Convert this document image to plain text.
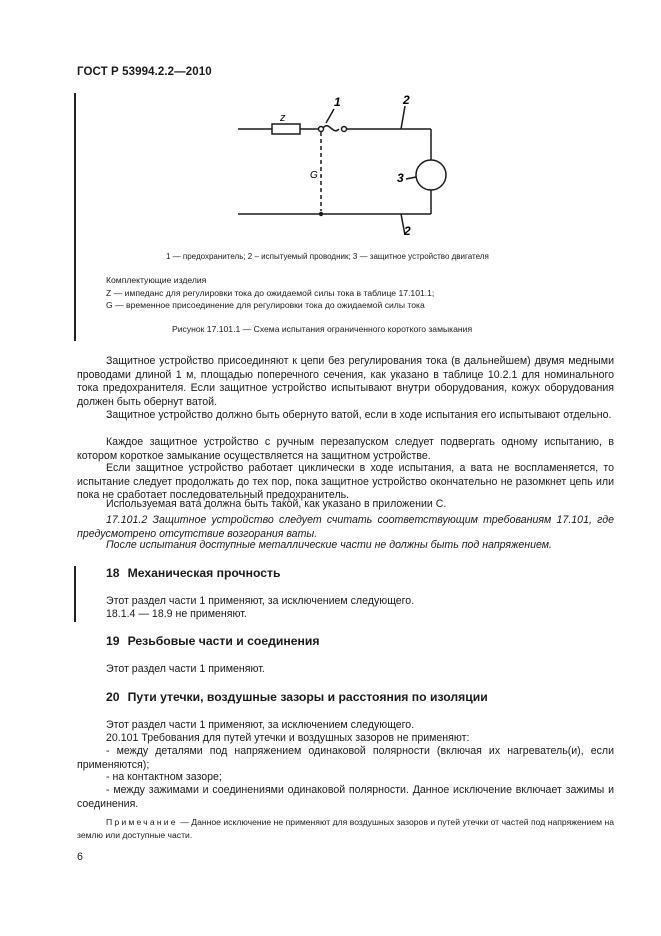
ГОСТ Р 53994.2.2—2010
z
1	2
3
2
G
1 — предохранитель; 2 – испытуемый проводник; 3 — защитное устройство двигателя
Комплектующие изделия
Z — импеданс для регулировки тока до ожидаемой силы тока в таблице 17.101.1;
G — временное присоединение для регулировки тока до ожидаемой силы тока
Рисунок 17.101.1 — Схема испытания ограниченного короткого замыкания
Защитное устройство присоединяют к цепи без регулирования тока (в дальнейшем) двумя медными проводами длиной 1 м, площадью поперечного сечения, как указано в таблице 10.2.1 для номинального тока предохранителя. Если защитное устройство испытывают внутри оборудования, кожух оборудования должен быть обернут ватой.
Защитное устройство должно быть обернуто ватой, если в ходе испытания его испытывают отдельно.
Каждое защитное устройство с ручным перезапуском следует подвергать одному испытанию, в котором короткое замыкание осуществляется на защитном устройстве.
Если защитное устройство работает циклически в ходе испытания, а вата не воспламеняется, то испытание следует продолжать до тех пор, пока защитное устройство окончательно не разомкнет цепь или пока не сработает последовательный предохранитель.
Используемая вата должна быть такой, как указано в приложении С.
17.101.2 Защитное устройство следует считать соответствующим требованиям 17.101, где предусмотрено отсутствие возгорания ваты.
После испытания доступные металлические части не должны быть под напряжением.
18 Механическая прочность
Этот раздел части 1 применяют, за исключением следующего.
18.1.4 — 18.9 не применяют.
19 Резьбовые части и соединения
Этот раздел части 1 применяют.
20 Пути утечки, воздушные зазоры и расстояния по изоляции
Этот раздел части 1 применяют, за исключением следующего.
20.101 Требования для путей утечки и воздушных зазоров не применяют:
- между деталями под напряжением одинаковой полярности (включая их нагреватель(и), если применяются);
- на контактном зазоре;
- между зажимами и соединениями одинаковой полярности. Данное исключение включает зажимы и соединения.
Примечание — Данное исключение не применяют для воздушных зазоров и путей утечки от частей под напряжением на землю или доступные части.
6
